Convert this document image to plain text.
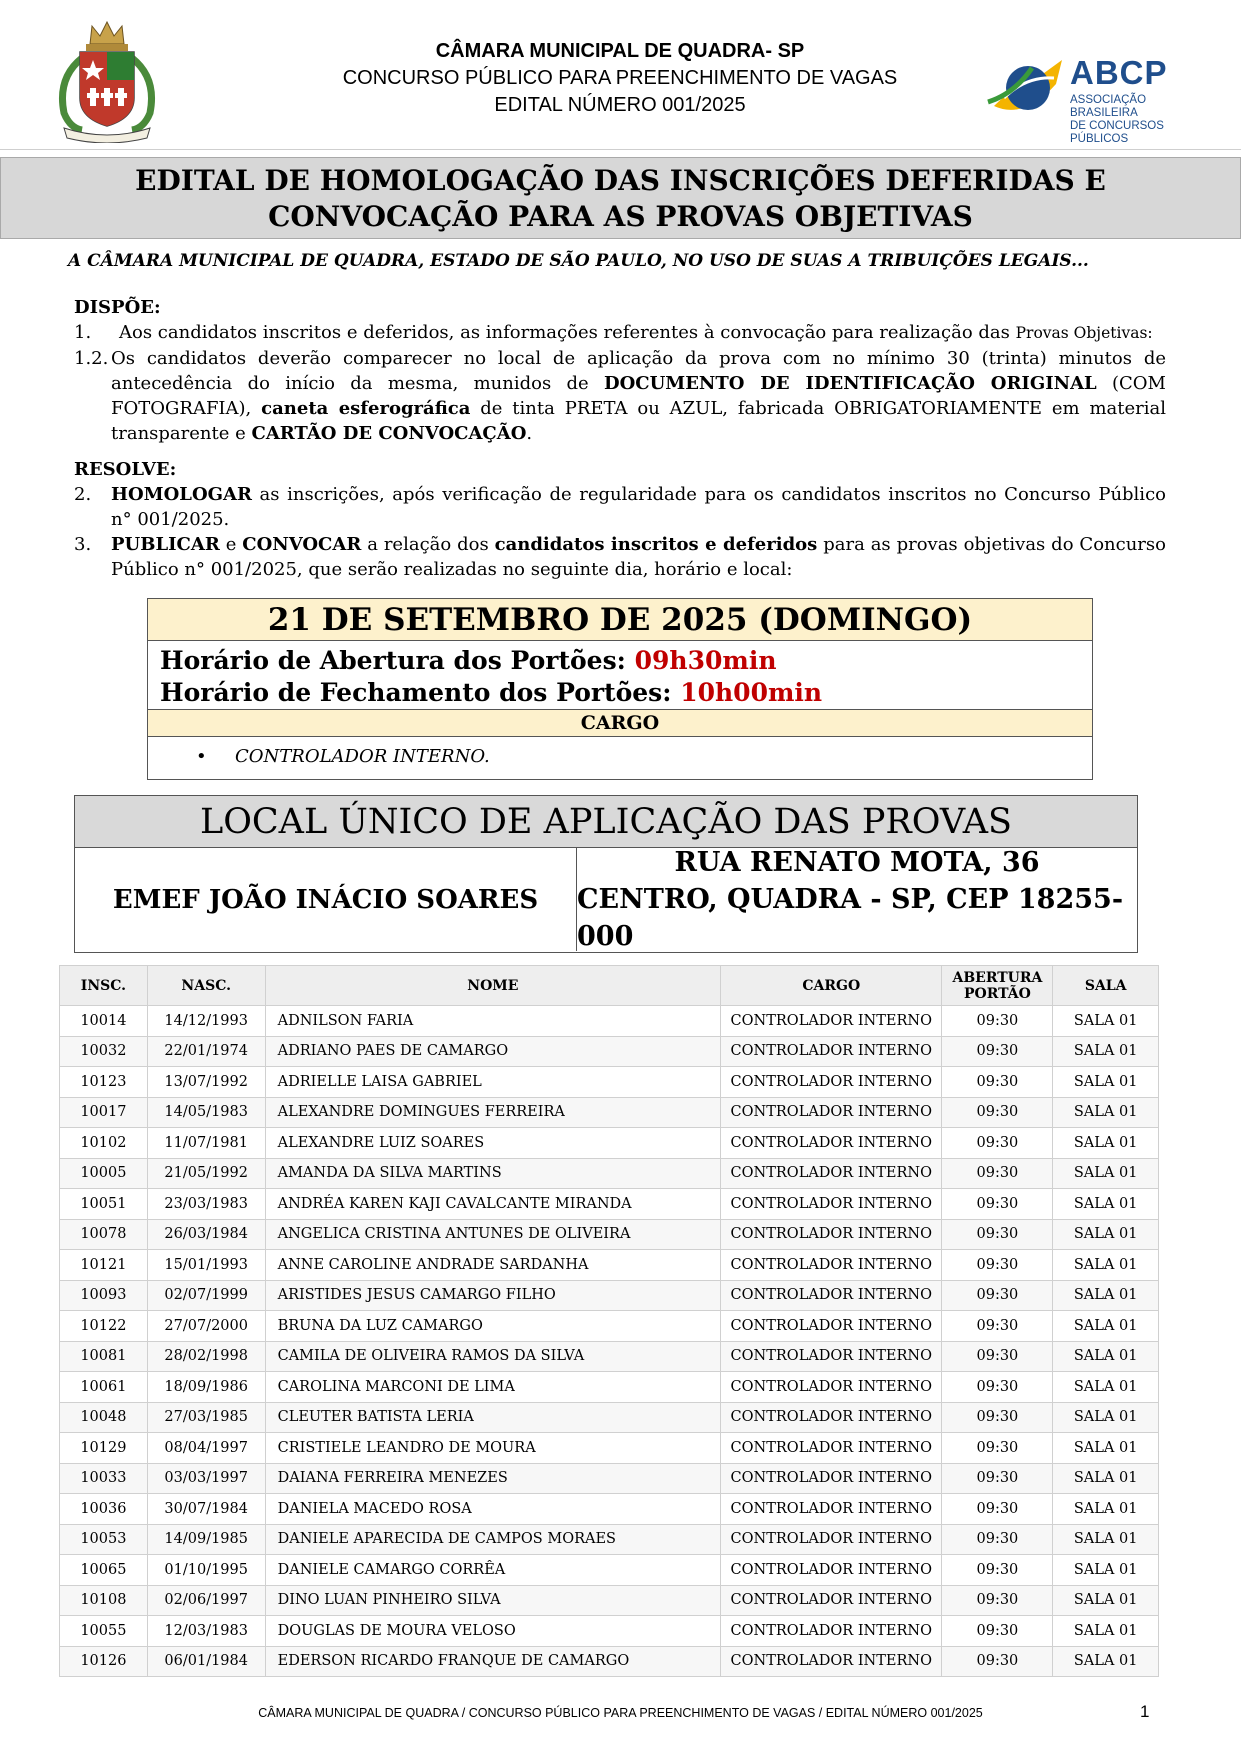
CÂMARA MUNICIPAL DE QUADRA- SP
CONCURSO PÚBLICO PARA PREENCHIMENTO DE VAGAS
EDITAL NÚMERO 001/2025
ABCP
ASSOCIAÇÃO BRASILEIRA
DE CONCURSOS PÚBLICOS
EDITAL DE HOMOLOGAÇÃO DAS INSCRIÇÕES DEFERIDAS E
CONVOCAÇÃO PARA AS PROVAS OBJETIVAS
A CÂMARA MUNICIPAL DE QUADRA, ESTADO DE SÃO PAULO, NO USO DE SUAS A TRIBUIÇÕES LEGAIS...
DISPÕE:
1.	Aos candidatos inscritos e deferidos, as informações referentes à convocação para realização das Provas Objetivas:
1.2. Os candidatos deverão comparecer no local de aplicação da prova com no mínimo 30 (trinta) minutos de antecedência do início da mesma, munidos de DOCUMENTO DE IDENTIFICAÇÃO ORIGINAL (COM FOTOGRAFIA), caneta esferográfica de tinta PRETA ou AZUL, fabricada OBRIGATORIAMENTE em material transparente e CARTÃO DE CONVOCAÇÃO.
RESOLVE:
2.	HOMOLOGAR as inscrições, após verificação de regularidade para os candidatos inscritos no Concurso Público n° 001/2025.
3.	PUBLICAR e CONVOCAR a relação dos candidatos inscritos e deferidos para as provas objetivas do Concurso Público n° 001/2025, que serão realizadas no seguinte dia, horário e local:
21 DE SETEMBRO DE 2025 (DOMINGO)
Horário de Abertura dos Portões: 09h30min
Horário de Fechamento dos Portões: 10h00min
CARGO
• CONTROLADOR INTERNO.
LOCAL ÚNICO DE APLICAÇÃO DAS PROVAS
EMEF JOÃO INÁCIO SOARES
RUA RENATO MOTA, 36
CENTRO, QUADRA - SP, CEP 18255-000
INSC.	NASC.	NOME	CARGO	ABERTURA PORTÃO	SALA
10014	14/12/1993	ADNILSON FARIA	CONTROLADOR INTERNO	09:30	SALA 01
10032	22/01/1974	ADRIANO PAES DE CAMARGO	CONTROLADOR INTERNO	09:30	SALA 01
10123	13/07/1992	ADRIELLE LAISA GABRIEL	CONTROLADOR INTERNO	09:30	SALA 01
10017	14/05/1983	ALEXANDRE DOMINGUES FERREIRA	CONTROLADOR INTERNO	09:30	SALA 01
10102	11/07/1981	ALEXANDRE LUIZ SOARES	CONTROLADOR INTERNO	09:30	SALA 01
10005	21/05/1992	AMANDA DA SILVA MARTINS	CONTROLADOR INTERNO	09:30	SALA 01
10051	23/03/1983	ANDRÉA KAREN KAJI CAVALCANTE MIRANDA	CONTROLADOR INTERNO	09:30	SALA 01
10078	26/03/1984	ANGELICA CRISTINA ANTUNES DE OLIVEIRA	CONTROLADOR INTERNO	09:30	SALA 01
10121	15/01/1993	ANNE CAROLINE ANDRADE SARDANHA	CONTROLADOR INTERNO	09:30	SALA 01
10093	02/07/1999	ARISTIDES JESUS CAMARGO FILHO	CONTROLADOR INTERNO	09:30	SALA 01
10122	27/07/2000	BRUNA DA LUZ CAMARGO	CONTROLADOR INTERNO	09:30	SALA 01
10081	28/02/1998	CAMILA DE OLIVEIRA RAMOS DA SILVA	CONTROLADOR INTERNO	09:30	SALA 01
10061	18/09/1986	CAROLINA MARCONI DE LIMA	CONTROLADOR INTERNO	09:30	SALA 01
10048	27/03/1985	CLEUTER BATISTA LERIA	CONTROLADOR INTERNO	09:30	SALA 01
10129	08/04/1997	CRISTIELE LEANDRO DE MOURA	CONTROLADOR INTERNO	09:30	SALA 01
10033	03/03/1997	DAIANA FERREIRA MENEZES	CONTROLADOR INTERNO	09:30	SALA 01
10036	30/07/1984	DANIELA MACEDO ROSA	CONTROLADOR INTERNO	09:30	SALA 01
10053	14/09/1985	DANIELE APARECIDA DE CAMPOS MORAES	CONTROLADOR INTERNO	09:30	SALA 01
10065	01/10/1995	DANIELE CAMARGO CORRÊA	CONTROLADOR INTERNO	09:30	SALA 01
10108	02/06/1997	DINO LUAN PINHEIRO SILVA	CONTROLADOR INTERNO	09:30	SALA 01
10055	12/03/1983	DOUGLAS DE MOURA VELOSO	CONTROLADOR INTERNO	09:30	SALA 01
10126	06/01/1984	EDERSON RICARDO FRANQUE DE CAMARGO	CONTROLADOR INTERNO	09:30	SALA 01
CÂMARA MUNICIPAL DE QUADRA / CONCURSO PÚBLICO PARA PREENCHIMENTO DE VAGAS / EDITAL NÚMERO 001/2025	1
